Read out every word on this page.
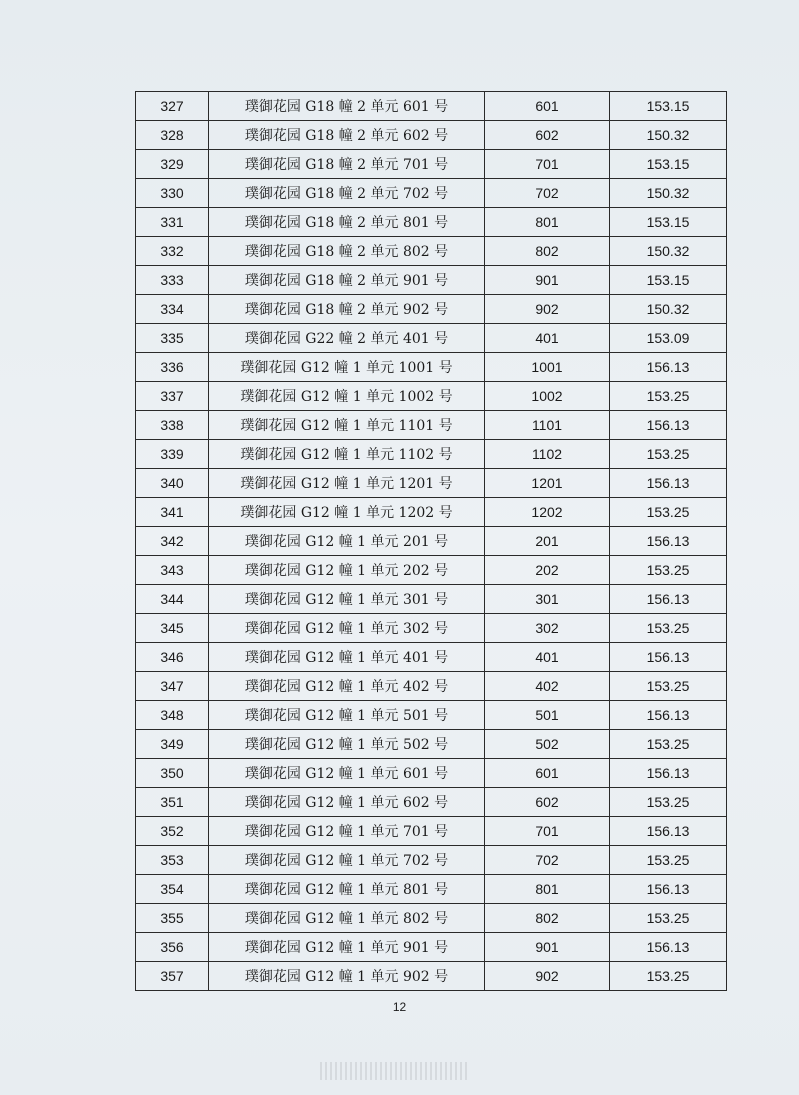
327	璞御花园 G18 幢 2 单元 601 号	601	153.15
328	璞御花园 G18 幢 2 单元 602 号	602	150.32
329	璞御花园 G18 幢 2 单元 701 号	701	153.15
330	璞御花园 G18 幢 2 单元 702 号	702	150.32
331	璞御花园 G18 幢 2 单元 801 号	801	153.15
332	璞御花园 G18 幢 2 单元 802 号	802	150.32
333	璞御花园 G18 幢 2 单元 901 号	901	153.15
334	璞御花园 G18 幢 2 单元 902 号	902	150.32
335	璞御花园 G22 幢 2 单元 401 号	401	153.09
336	璞御花园 G12 幢 1 单元 1001 号	1001	156.13
337	璞御花园 G12 幢 1 单元 1002 号	1002	153.25
338	璞御花园 G12 幢 1 单元 1101 号	1101	156.13
339	璞御花园 G12 幢 1 单元 1102 号	1102	153.25
340	璞御花园 G12 幢 1 单元 1201 号	1201	156.13
341	璞御花园 G12 幢 1 单元 1202 号	1202	153.25
342	璞御花园 G12 幢 1 单元 201 号	201	156.13
343	璞御花园 G12 幢 1 单元 202 号	202	153.25
344	璞御花园 G12 幢 1 单元 301 号	301	156.13
345	璞御花园 G12 幢 1 单元 302 号	302	153.25
346	璞御花园 G12 幢 1 单元 401 号	401	156.13
347	璞御花园 G12 幢 1 单元 402 号	402	153.25
348	璞御花园 G12 幢 1 单元 501 号	501	156.13
349	璞御花园 G12 幢 1 单元 502 号	502	153.25
350	璞御花园 G12 幢 1 单元 601 号	601	156.13
351	璞御花园 G12 幢 1 单元 602 号	602	153.25
352	璞御花园 G12 幢 1 单元 701 号	701	156.13
353	璞御花园 G12 幢 1 单元 702 号	702	153.25
354	璞御花园 G12 幢 1 单元 801 号	801	156.13
355	璞御花园 G12 幢 1 单元 802 号	802	153.25
356	璞御花园 G12 幢 1 单元 901 号	901	156.13
357	璞御花园 G12 幢 1 单元 902 号	902	153.25
12
